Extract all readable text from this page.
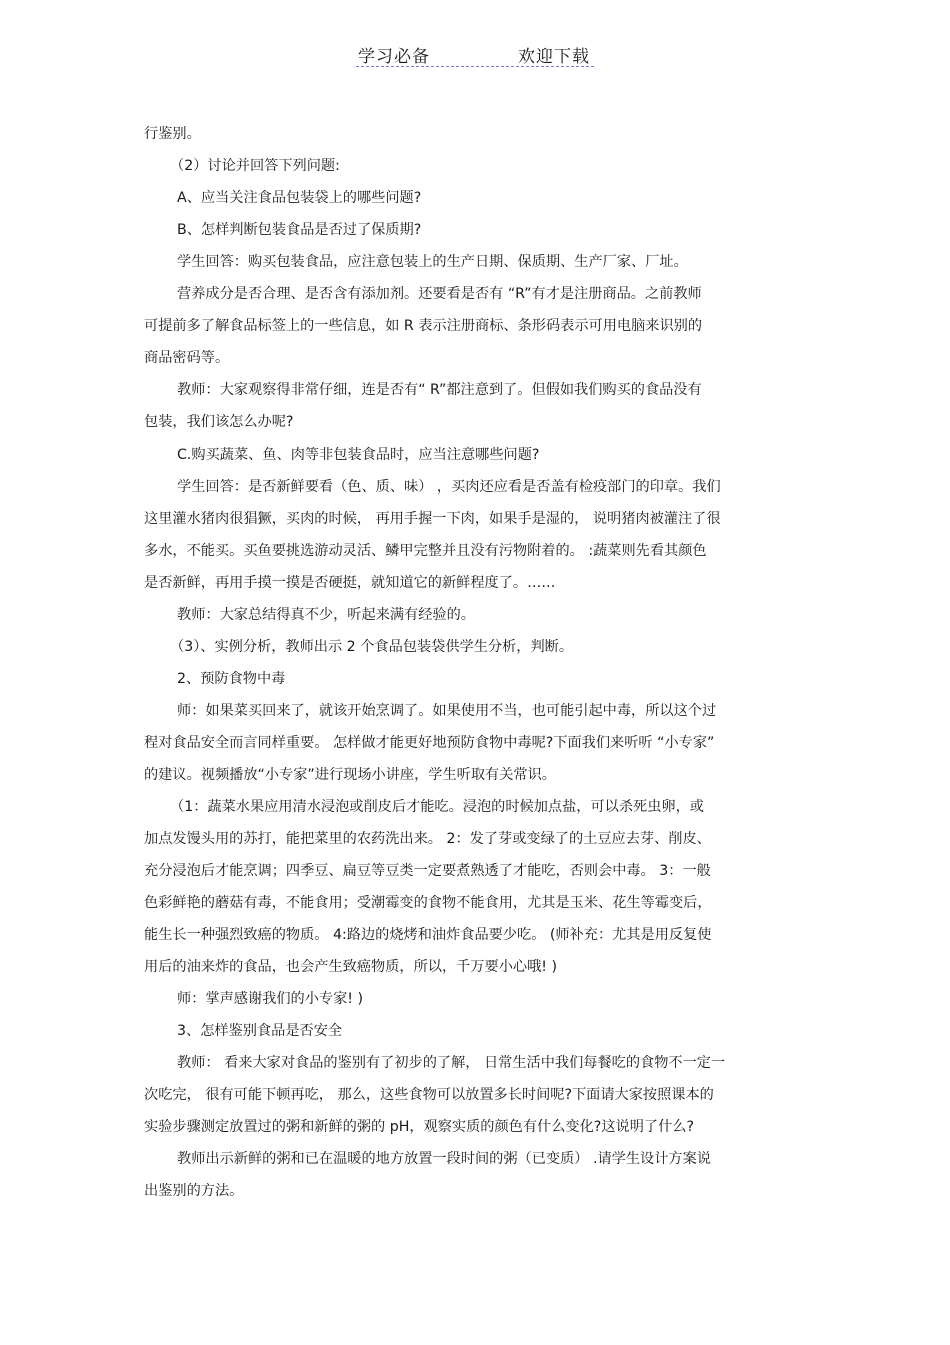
学习必备	欢迎下载
行鉴别。
（2）讨论并回答下列问题:
A、应当关注食品包装袋上的哪些问题?
B、怎样判断包装食品是否过了保质期?
学生回答：购买包装食品，应注意包装上的生产日期、保质期、生产厂家、厂址。
营养成分是否合理、是否含有添加剂。还要看是否有 “R”有才是注册商品。之前教师
可提前多了解食品标签上的一些信息，如 R 表示注册商标、条形码表示可用电脑来识别的
商品密码等。
教师：大家观察得非常仔细，连是否有“ R”都注意到了。但假如我们购买的食品没有
包装，我们该怎么办呢?
C.购买蔬菜、鱼、肉等非包装食品时，应当注意哪些问题?
学生回答：是否新鲜要看（色、质、味） ，买肉还应看是否盖有检疫部门的印章。我们
这里灌水猪肉很猖獗，买肉的时候， 再用手握一下肉，如果手是湿的， 说明猪肉被灌注了很
多水，不能买。买鱼要挑选游动灵活、鳞甲完整并且没有污物附着的。 :蔬菜则先看其颜色
是否新鲜，再用手摸一摸是否硬挺，就知道它的新鲜程度了。……
教师：大家总结得真不少，听起来满有经验的。
（3）、实例分析，教师出示 2 个食品包装袋供学生分析，判断。
2、预防食物中毒
师：如果菜买回来了，就该开始烹调了。如果使用不当，也可能引起中毒，所以这个过
程对食品安全而言同样重要。 怎样做才能更好地预防食物中毒呢?下面我们来听听 “小专家”
的建议。视频播放“小专家”进行现场小讲座，学生听取有关常识。
（1：蔬菜水果应用清水浸泡或削皮后才能吃。浸泡的时候加点盐，可以杀死虫卵，或
加点发馒头用的苏打，能把菜里的农药洗出来。 2：发了芽或变绿了的土豆应去芽、削皮、
充分浸泡后才能烹调；四季豆、扁豆等豆类一定要煮熟透了才能吃，否则会中毒。 3：一般
色彩鲜艳的蘑菇有毒，不能食用；受潮霉变的食物不能食用，尤其是玉米、花生等霉变后，
能生长一种强烈致癌的物质。 4:路边的烧烤和油炸食品要少吃。 (师补充：尤其是用反复使
用后的油来炸的食品，也会产生致癌物质，所以，千万要小心哦! )
师：掌声感谢我们的小专家! )
3、怎样鉴别食品是否安全
教师： 看来大家对食品的鉴别有了初步的了解， 日常生活中我们每餐吃的食物不一定一
次吃完， 很有可能下顿再吃， 那么，这些食物可以放置多长时间呢?下面请大家按照课本的
实验步骤测定放置过的粥和新鲜的粥的 pH，观察实质的颜色有什么变化?这说明了什么?
教师出示新鲜的粥和已在温暖的地方放置一段时间的粥（已变质） .请学生设计方案说
出鉴别的方法。
